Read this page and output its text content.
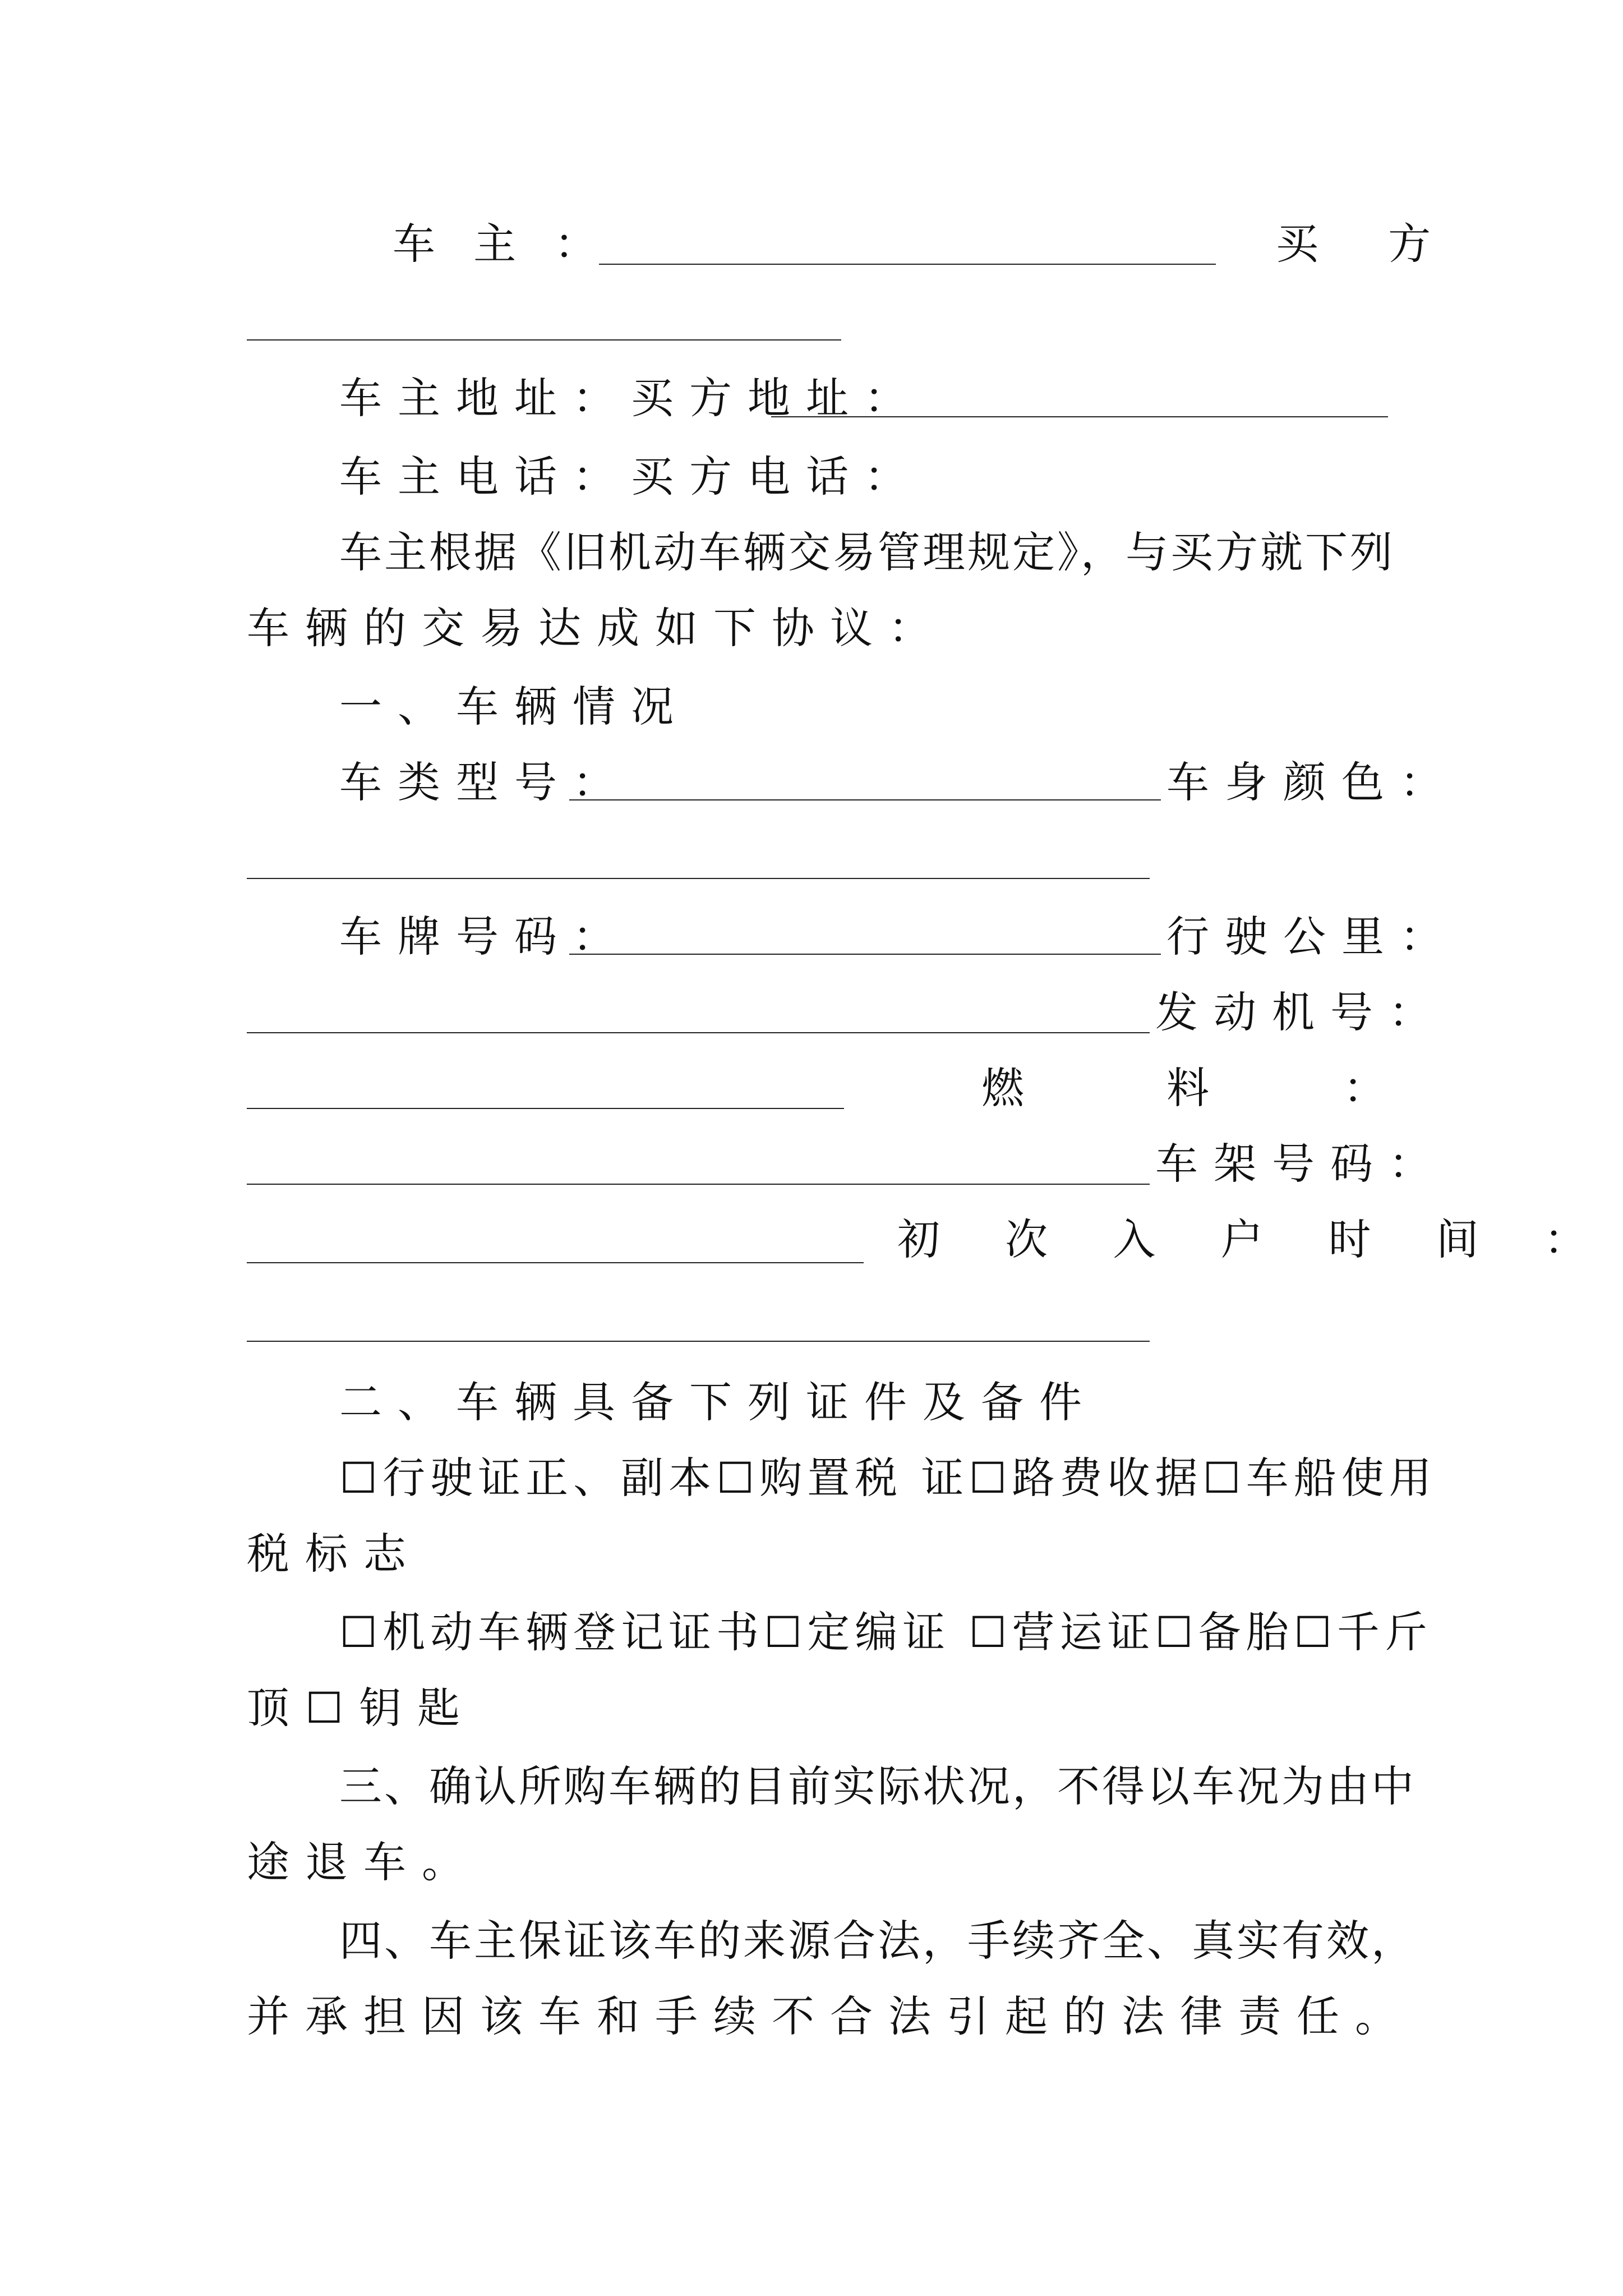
车 主 ：	买 方
车主地址：买方地址：
车主电话：买方电话：
车主根据《旧机动车辆交易管理规定》，与买方就下列
车辆的交易达成如下协议：
一、车辆情况
车类型号：	车身颜色：
车牌号码：	行驶公里：
发动机号：
燃	料	：
车架号码：
初 次 入 户 时 间 ：
二、车辆具备下列证件及备件
☐行驶证正、副本☐购置税 证☐路费收据☐车船使用
税标志
☐机动车辆登记证书☐定编证 ☐营运证☐备胎☐千斤
顶☐钥匙
三、确认所购车辆的目前实际状况，不得以车况为由中
途退车。
四、车主保证该车的来源合法，手续齐全、真实有效，
并承担因该车和手续不合法引起的法律责任。
